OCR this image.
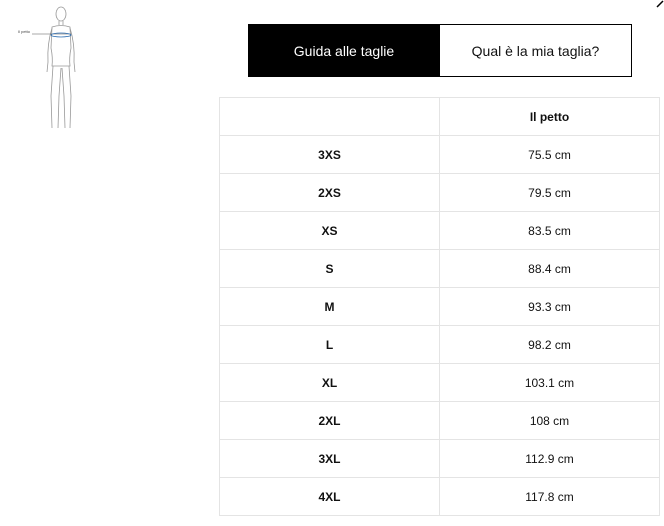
Il petto
Guida alle taglie	Qual è la mia taglia?
	Il petto
3XS	75.5 cm
2XS	79.5 cm
XS	83.5 cm
S	88.4 cm
M	93.3 cm
L	98.2 cm
XL	103.1 cm
2XL	108 cm
3XL	112.9 cm
4XL	117.8 cm
